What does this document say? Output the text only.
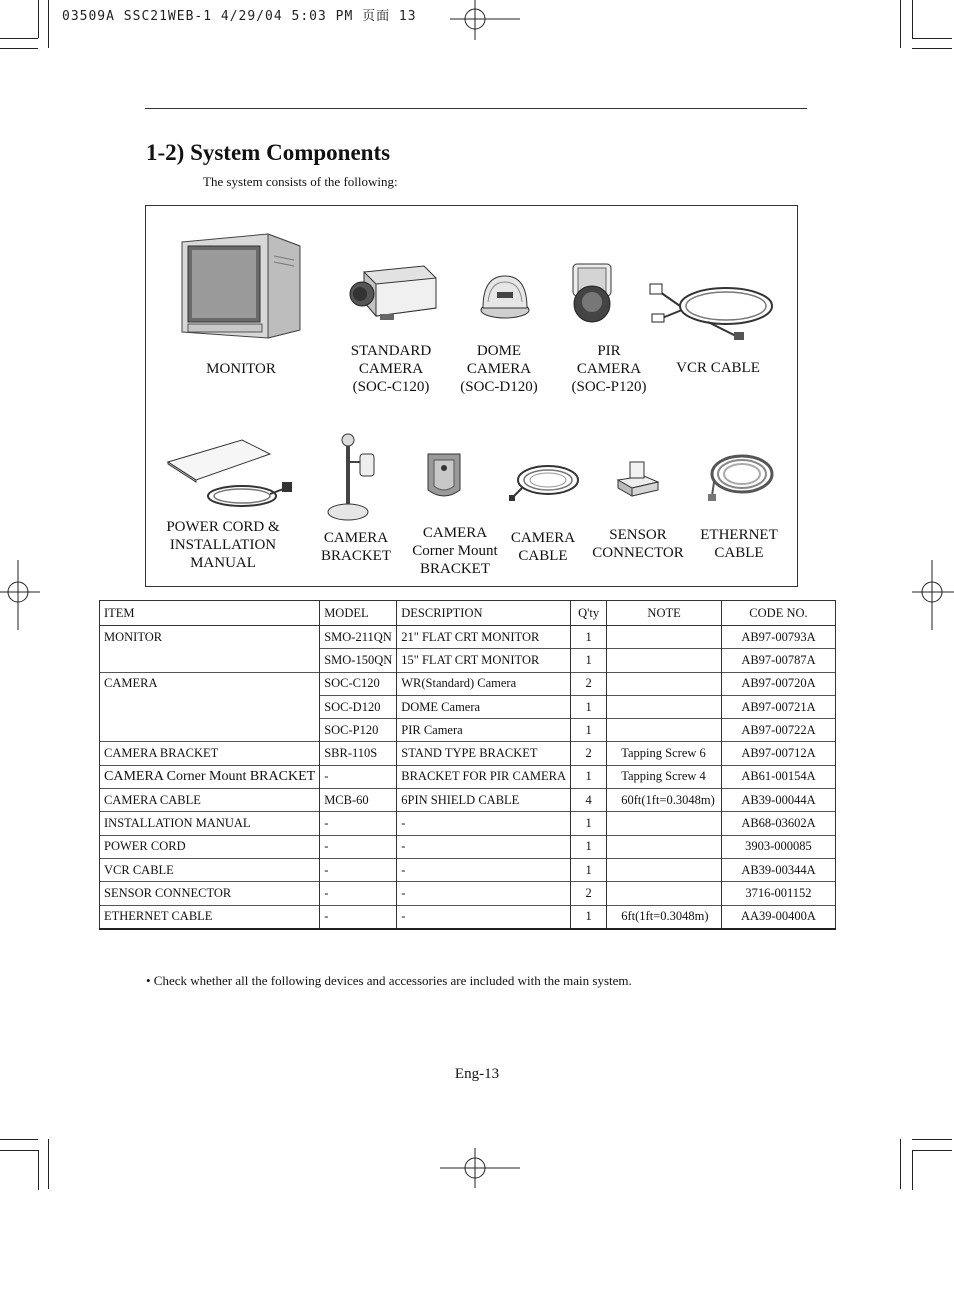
03509A SSC21WEB-1 4/29/04 5:03 PM 页面 13
1-2) System Components
The system consists of the following:
MONITOR
STANDARD
CAMERA
(SOC-C120)
DOME
CAMERA
(SOC-D120)
PIR
CAMERA
(SOC-P120)
VCR CABLE
POWER CORD &
INSTALLATION
MANUAL
CAMERA
BRACKET
CAMERA
Corner Mount
BRACKET
CAMERA
CABLE
SENSOR
CONNECTOR
ETHERNET
CABLE
ITEM	MODEL	DESCRIPTION	Q'ty	NOTE	CODE NO.
MONITOR	SMO-211QN	21" FLAT CRT MONITOR	1		AB97-00793A
	SMO-150QN	15" FLAT CRT MONITOR	1		AB97-00787A
CAMERA	SOC-C120	WR(Standard) Camera	2		AB97-00720A
	SOC-D120	DOME Camera	1		AB97-00721A
	SOC-P120	PIR Camera	1		AB97-00722A
CAMERA BRACKET	SBR-110S	STAND TYPE BRACKET	2	Tapping Screw 6	AB97-00712A
CAMERA Corner Mount BRACKET	-	BRACKET FOR PIR CAMERA	1	Tapping Screw 4	AB61-00154A
CAMERA CABLE	MCB-60	6PIN SHIELD CABLE	4	60ft(1ft=0.3048m)	AB39-00044A
INSTALLATION MANUAL	-	-	1		AB68-03602A
POWER CORD	-	-	1		3903-000085
VCR CABLE	-	-	1		AB39-00344A
SENSOR CONNECTOR	-	-	2		3716-001152
ETHERNET CABLE	-	-	1	6ft(1ft=0.3048m)	AA39-00400A
• Check whether all the following devices and accessories are included with the main system.
Eng-13
